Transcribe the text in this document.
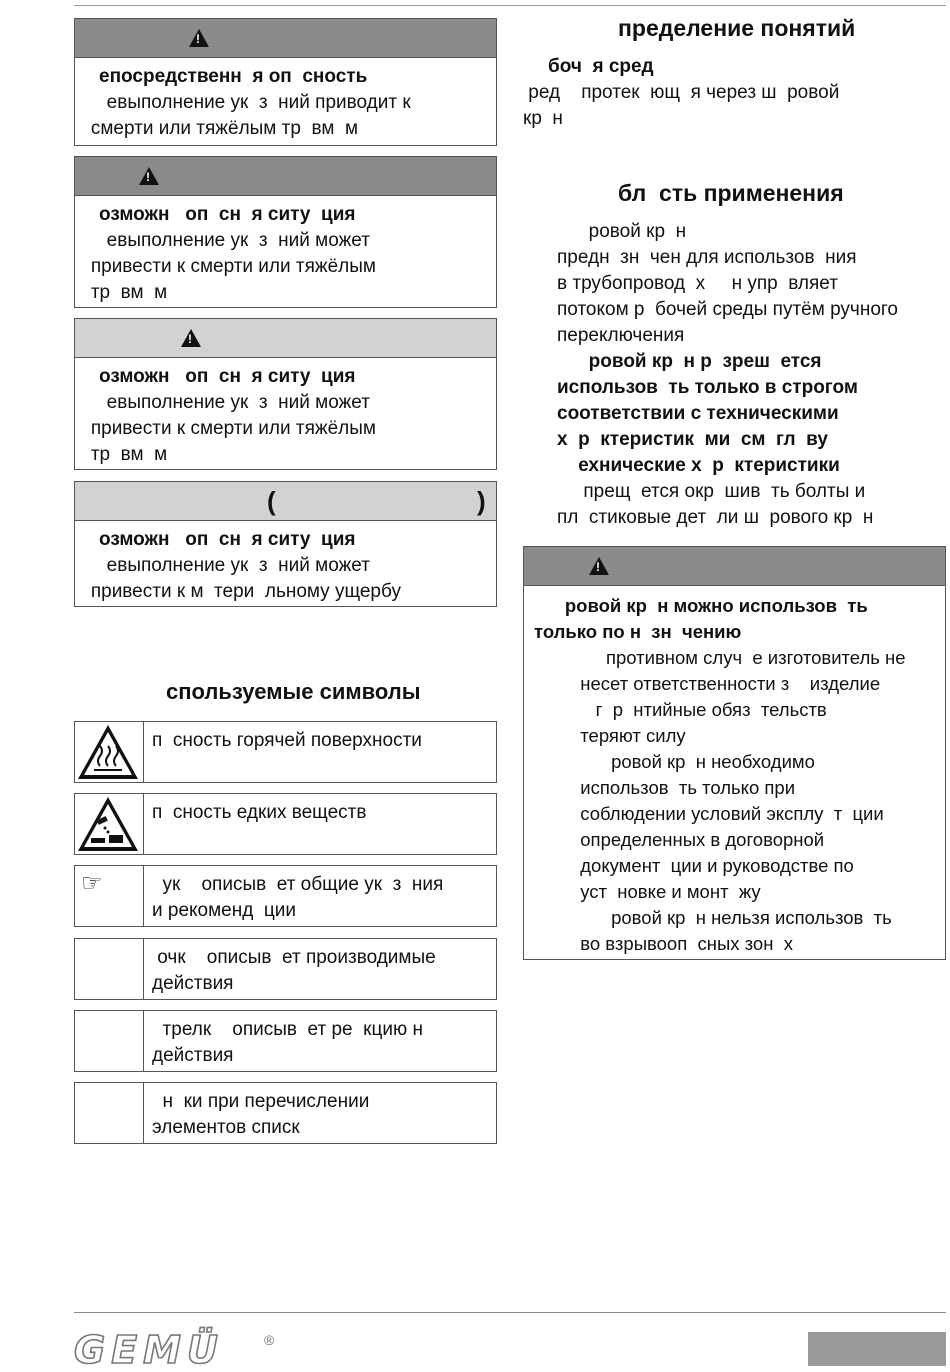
!
епосредственн  я оп  сность
евыполнение ук  з  ний приводит к
смерти или тяжёлым тр  вм  м
!
озможн   оп  сн  я ситу  ция
евыполнение ук  з  ний может
привести к смерти или тяжёлым
тр  вм  м
!
озможн   оп  сн  я ситу  ция
евыполнение ук  з  ний может
привести к смерти или тяжёлым
тр  вм  м
(	)
озможн   оп  сн  я ситу  ция
евыполнение ук  з  ний может
привести к м  тери  льному ущербу
спользуемые символы
п  сность горячей поверхности
п  сность едких веществ
☞	ук    описыв  ет общие ук  з  ния
и рекоменд  ции
очк    описыв  ет производимые
действия
трелк    описыв  ет ре  кцию н
действия
н  ки при перечислении
элементов списк
пределение понятий
боч  я сред
ред    протек  ющ  я через ш  ровой
кр  н
бл  сть применения
ровой кр  н
предн  зн  чен для использов  ния
в трубопровод  х     н упр  вляет
потоком р  бочей среды путём ручного
переключения
ровой кр  н р  зреш  ется
использов  ть только в строгом
соответствии с техническими
х  р  ктеристик  ми  см  гл  ву
ехнические х  р  ктеристики
прещ  ется окр  шив  ть болты и
пл  стиковые дет  ли ш  рового кр  н
!
ровой кр  н можно использов  ть
только по н  зн  чению
противном случ  е изготовитель не
несет ответственности з    изделие
г  р  нтийные обяз  тельств
теряют силу
ровой кр  н необходимо
использов  ть только при
соблюдении условий эксплу  т  ции
определенных в договорной
документ  ции и руководстве по
уст  новке и монт  жу
ровой кр  н нельзя использов  ть
во взрывооп  сных зон  х
GEMÜ	®
